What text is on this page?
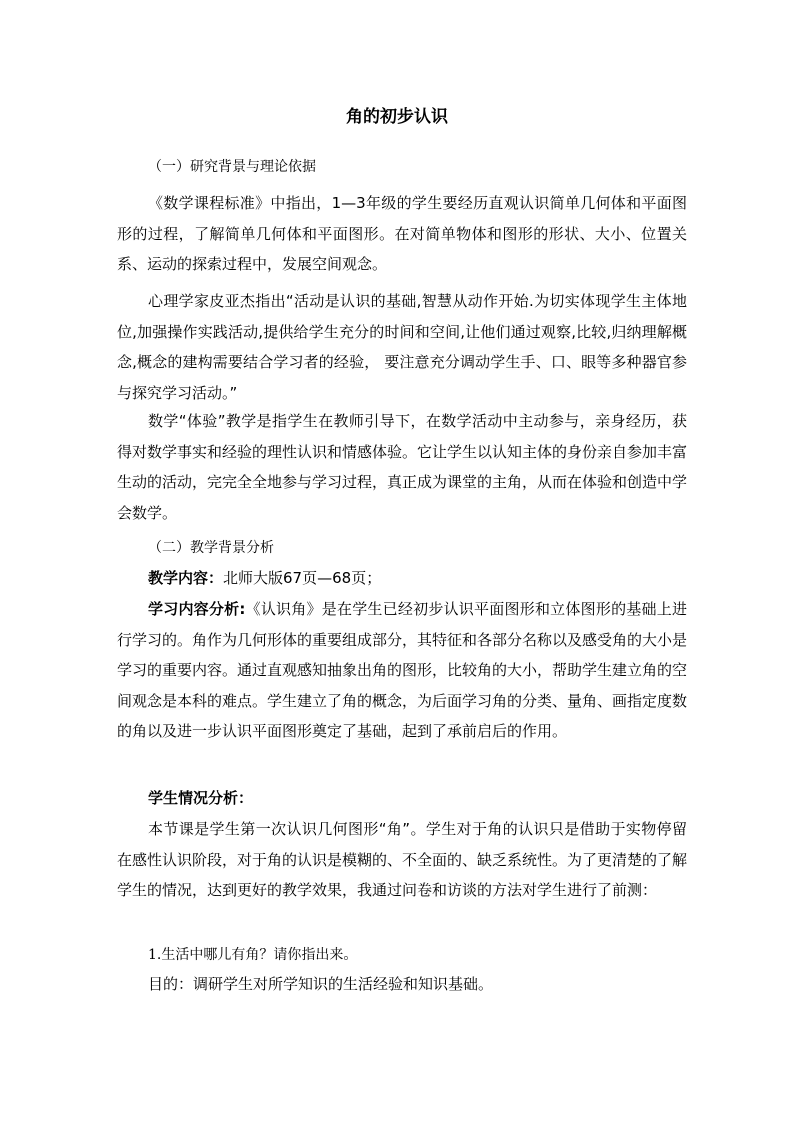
角的初步认识
（一）研究背景与理论依据
《数学课程标准》中指出，1—3年级的学生要经历直观认识简单几何体和平面图形的过程，了解简单几何体和平面图形。在对简单物体和图形的形状、大小、位置关系、运动的探索过程中，发展空间观念。
心理学家皮亚杰指出“活动是认识的基础,智慧从动作开始.为切实体现学生主体地位,加强操作实践活动,提供给学生充分的时间和空间,让他们通过观察,比较,归纳理解概念,概念的建构需要结合学习者的经验， 要注意充分调动学生手、口、眼等多种器官参与探究学习活动。”
数学“体验”教学是指学生在教师引导下，在数学活动中主动参与，亲身经历，获得对数学事实和经验的理性认识和情感体验。它让学生以认知主体的身份亲自参加丰富生动的活动，完完全全地参与学习过程，真正成为课堂的主角，从而在体验和创造中学会数学。
（二）教学背景分析
教学内容：北师大版67页—68页；
学习内容分析:《认识角》是在学生已经初步认识平面图形和立体图形的基础上进行学习的。角作为几何形体的重要组成部分，其特征和各部分名称以及感受角的大小是学习的重要内容。通过直观感知抽象出角的图形，比较角的大小，帮助学生建立角的空间观念是本科的难点。学生建立了角的概念，为后面学习角的分类、量角、画指定度数的角以及进一步认识平面图形奠定了基础，起到了承前启后的作用。
学生情况分析：
本节课是学生第一次认识几何图形“角”。学生对于角的认识只是借助于实物停留在感性认识阶段，对于角的认识是模糊的、不全面的、缺乏系统性。为了更清楚的了解学生的情况，达到更好的教学效果，我通过问卷和访谈的方法对学生进行了前测：
1.生活中哪儿有角？请你指出来。
目的：调研学生对所学知识的生活经验和知识基础。
